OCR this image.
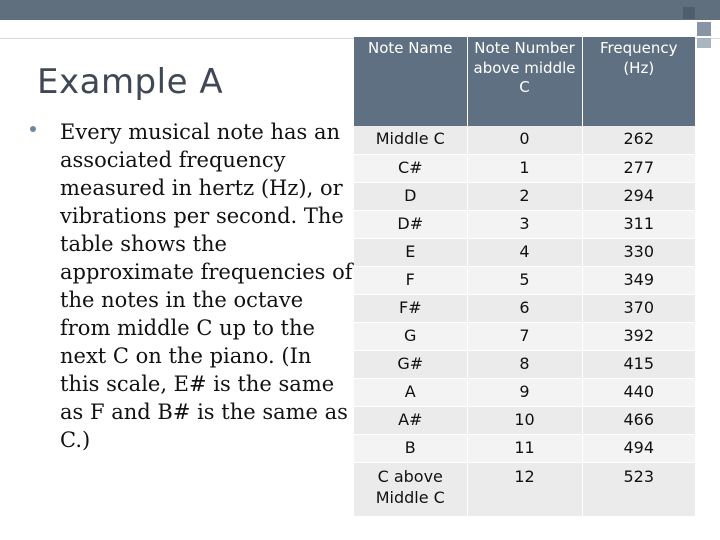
Example A
Every musical note has an associated frequency measured in hertz (Hz), or vibrations per second. The table shows the approximate frequencies of the notes in the octave from middle C up to the next C on the piano. (In this scale, E# is the same as F and B# is the same as C.)
Note Name	Note Number above middle C	Frequency (Hz)
Middle C	0	262
C#	1	277
D	2	294
D#	3	311
E	4	330
F	5	349
F#	6	370
G	7	392
G#	8	415
A	9	440
A#	10	466
B	11	494
C above Middle C	12	523
